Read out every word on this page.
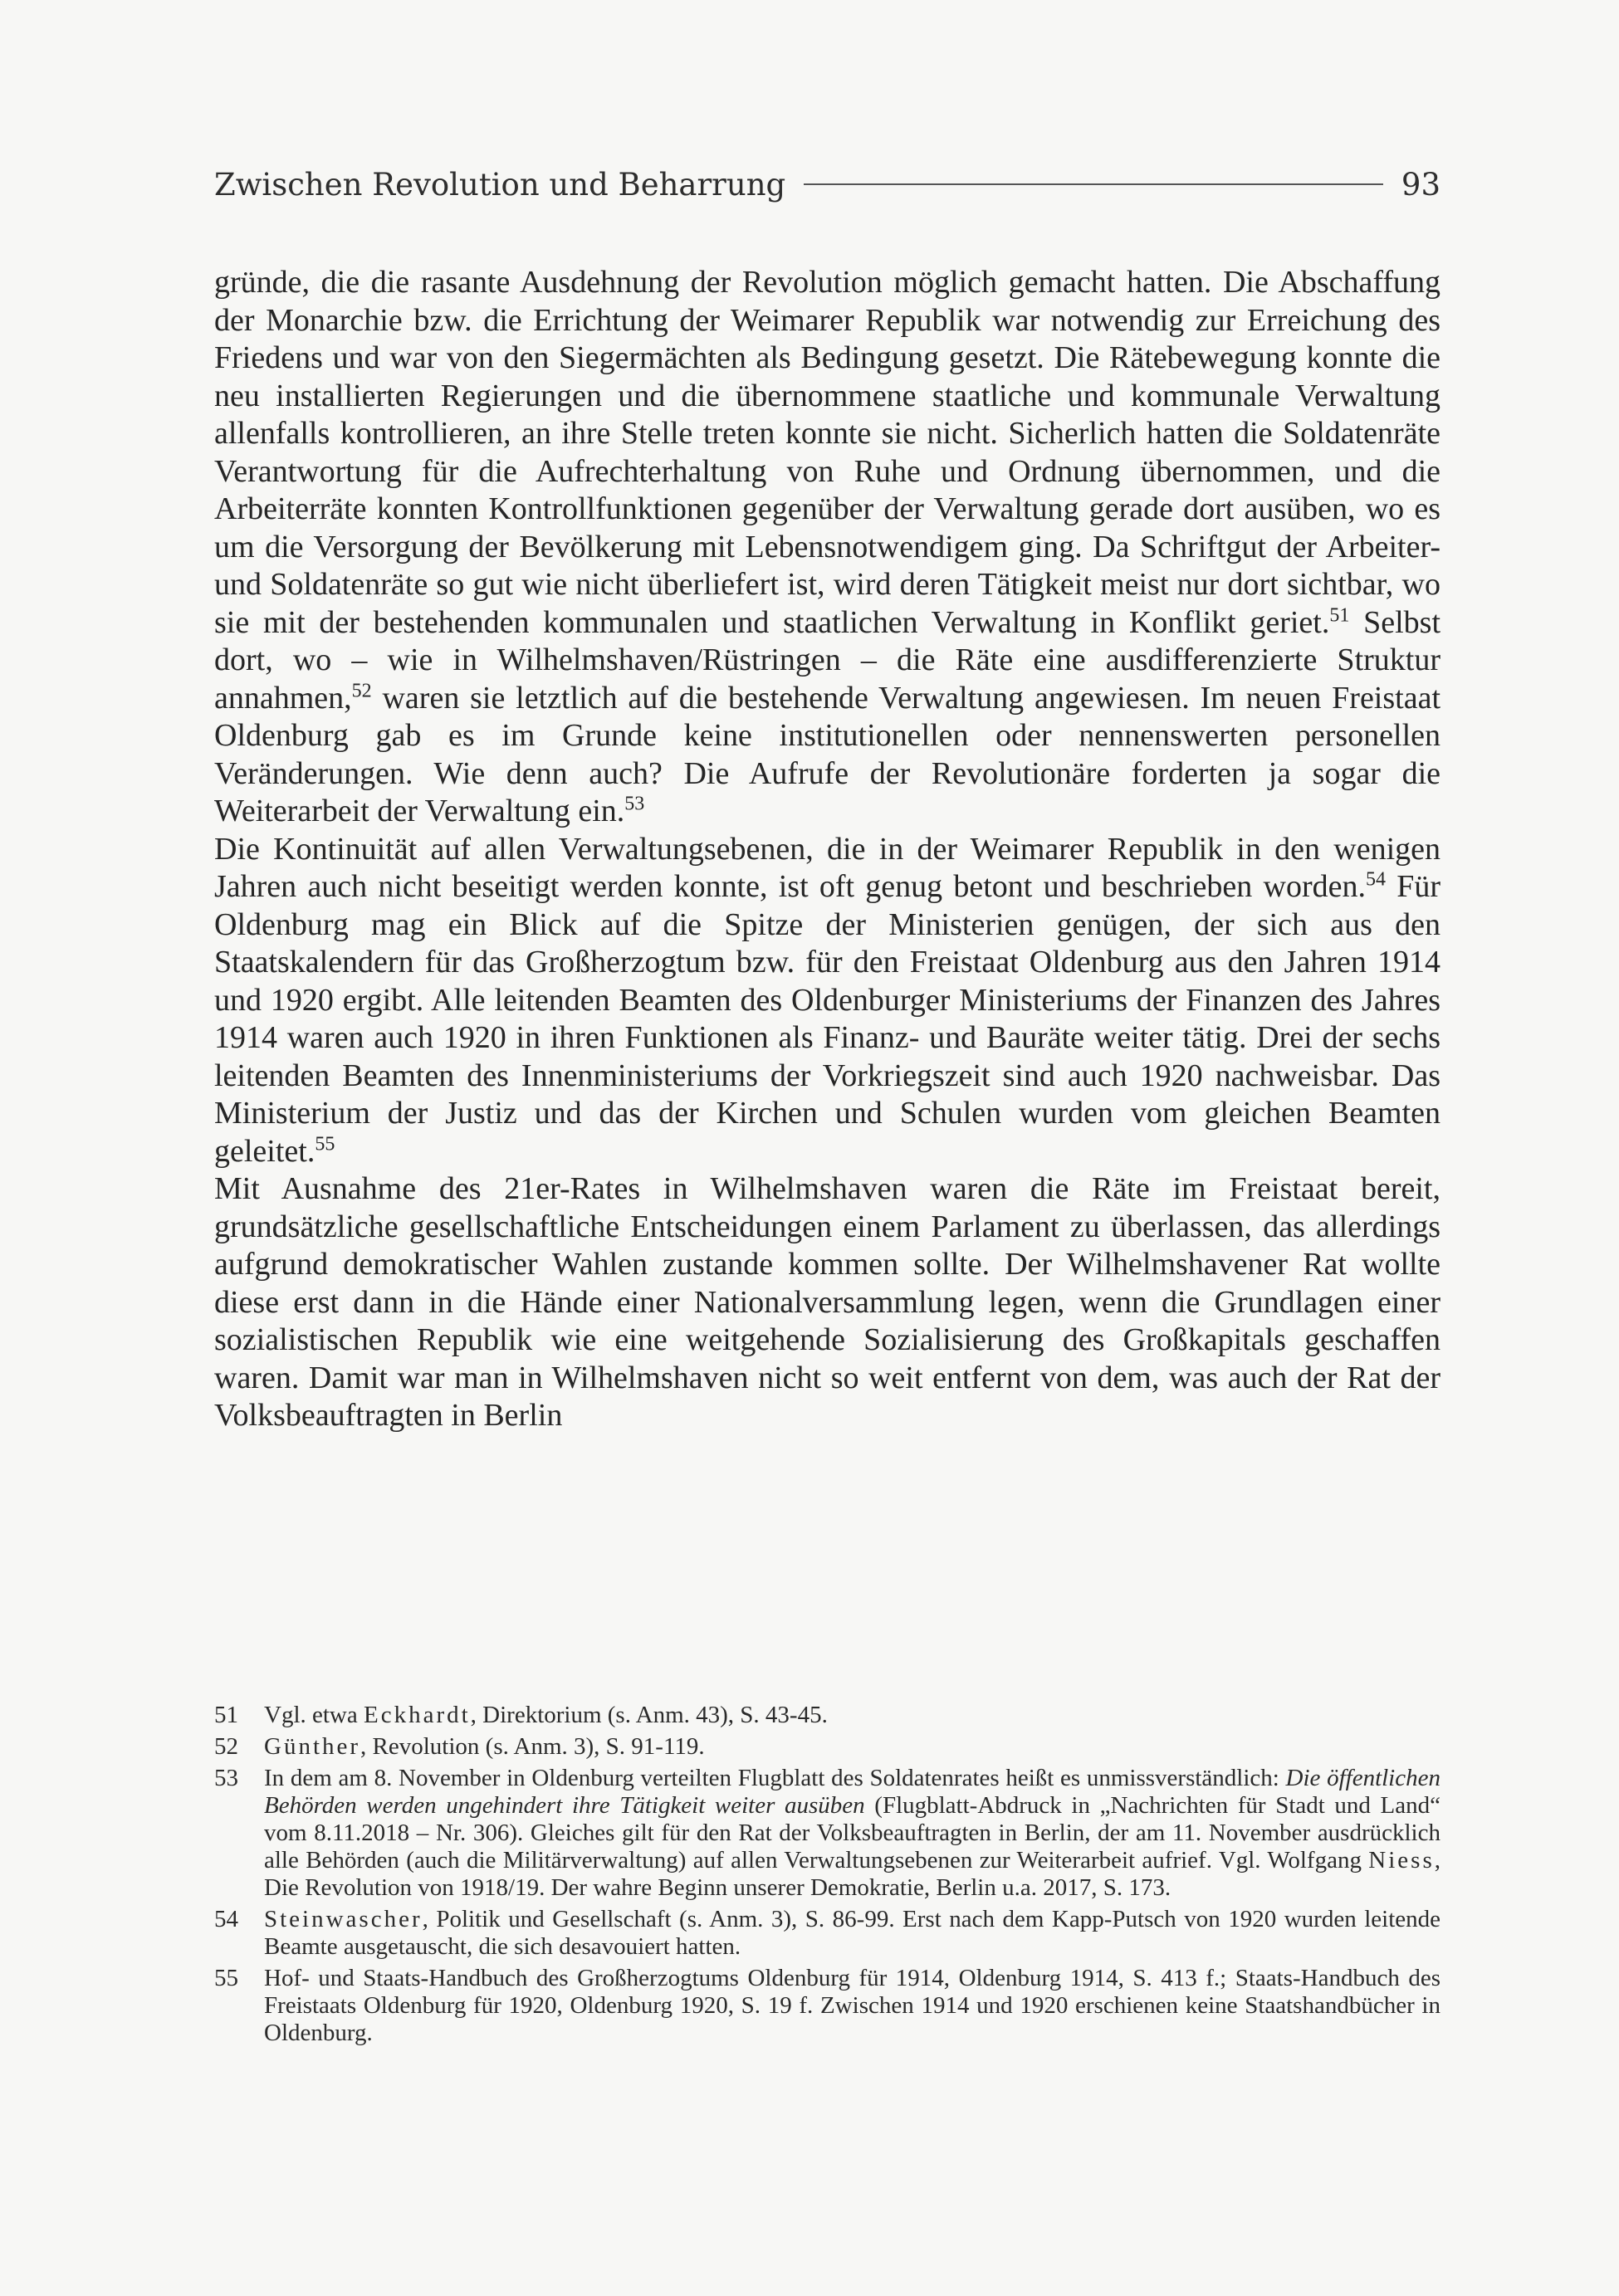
Zwischen Revolution und Beharrung	93

gründe, die die rasante Ausdehnung der Revolution möglich gemacht hatten. Die Abschaffung der Monarchie bzw. die Errichtung der Weimarer Republik war notwendig zur Erreichung des Friedens und war von den Siegermächten als Bedingung gesetzt. Die Rätebewegung konnte die neu installierten Regierungen und die übernommene staatliche und kommunale Verwaltung allenfalls kontrollieren, an ihre Stelle treten konnte sie nicht. Sicherlich hatten die Soldatenräte Verantwortung für die Aufrechterhaltung von Ruhe und Ordnung übernommen, und die Arbeiterräte konnten Kontrollfunktionen gegenüber der Verwaltung gerade dort ausüben, wo es um die Versorgung der Bevölkerung mit Lebensnotwendigem ging. Da Schriftgut der Arbeiter- und Soldatenräte so gut wie nicht überliefert ist, wird deren Tätigkeit meist nur dort sichtbar, wo sie mit der bestehenden kommunalen und staatlichen Verwaltung in Konflikt geriet.$^{51}$ Selbst dort, wo – wie in Wilhelmshaven/Rüstringen – die Räte eine ausdifferenzierte Struktur annahmen,$^{52}$ waren sie letztlich auf die bestehende Verwaltung angewiesen. Im neuen Freistaat Oldenburg gab es im Grunde keine institutionellen oder nennenswerten personellen Veränderungen. Wie denn auch? Die Aufrufe der Revolutionäre forderten ja sogar die Weiterarbeit der Verwaltung ein.$^{53}$

Die Kontinuität auf allen Verwaltungsebenen, die in der Weimarer Republik in den wenigen Jahren auch nicht beseitigt werden konnte, ist oft genug betont und beschrieben worden.$^{54}$ Für Oldenburg mag ein Blick auf die Spitze der Ministerien genügen, der sich aus den Staatskalendern für das Großherzogtum bzw. für den Freistaat Oldenburg aus den Jahren 1914 und 1920 ergibt. Alle leitenden Beamten des Oldenburger Ministeriums der Finanzen des Jahres 1914 waren auch 1920 in ihren Funktionen als Finanz- und Bauräte weiter tätig. Drei der sechs leitenden Beamten des Innenministeriums der Vorkriegszeit sind auch 1920 nachweisbar. Das Ministerium der Justiz und das der Kirchen und Schulen wurden vom gleichen Beamten geleitet.$^{55}$

Mit Ausnahme des 21er-Rates in Wilhelmshaven waren die Räte im Freistaat bereit, grundsätzliche gesellschaftliche Entscheidungen einem Parlament zu überlassen, das allerdings aufgrund demokratischer Wahlen zustande kommen sollte. Der Wilhelmshavener Rat wollte diese erst dann in die Hände einer Nationalversammlung legen, wenn die Grundlagen einer sozialistischen Republik wie eine weitgehende Sozialisierung des Großkapitals geschaffen waren. Damit war man in Wilhelmshaven nicht so weit entfernt von dem, was auch der Rat der Volksbeauftragten in Berlin

51	Vgl. etwa Eckhardt, Direktorium (s. Anm. 43), S. 43-45.
52	Günther, Revolution (s. Anm. 3), S. 91-119.
53	In dem am 8. November in Oldenburg verteilten Flugblatt des Soldatenrates heißt es unmissverständlich: Die öffentlichen Behörden werden ungehindert ihre Tätigkeit weiter ausüben (Flugblatt-Abdruck in „Nachrichten für Stadt und Land“ vom 8.11.2018 – Nr. 306). Gleiches gilt für den Rat der Volksbeauftragten in Berlin, der am 11. November ausdrücklich alle Behörden (auch die Militärverwaltung) auf allen Verwaltungsebenen zur Weiterarbeit aufrief. Vgl. Wolfgang Niess, Die Revolution von 1918/19. Der wahre Beginn unserer Demokratie, Berlin u.a. 2017, S. 173.
54	Steinwascher, Politik und Gesellschaft (s. Anm. 3), S. 86-99. Erst nach dem Kapp-Putsch von 1920 wurden leitende Beamte ausgetauscht, die sich desavouiert hatten.
55	Hof- und Staats-Handbuch des Großherzogtums Oldenburg für 1914, Oldenburg 1914, S. 413 f.; Staats-Handbuch des Freistaats Oldenburg für 1920, Oldenburg 1920, S. 19 f. Zwischen 1914 und 1920 erschienen keine Staatshandbücher in Oldenburg.
